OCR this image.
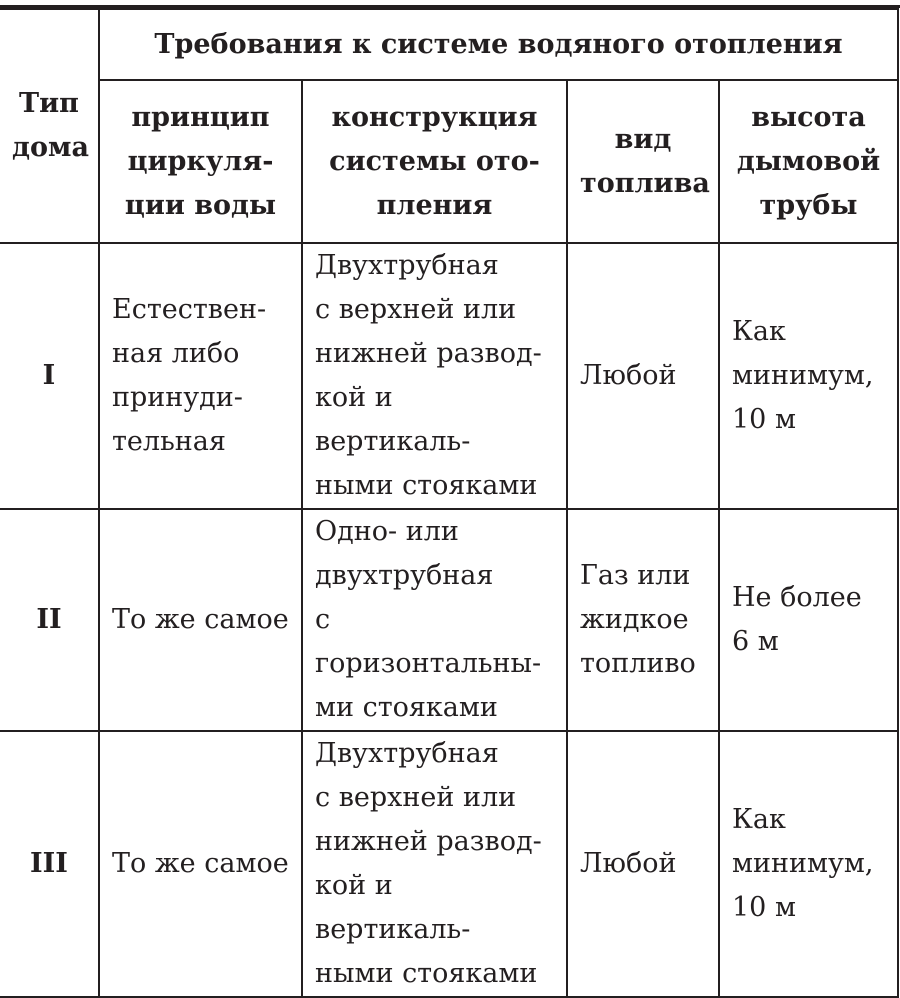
Тип
дома	Требования к системе водяного отопления			
	принцип
циркуля-
ции воды	конструкция
системы ото-
пления	вид
топлива	высота
дымовой
трубы
I	Естествен-
ная либо
принуди-
тельная	Двухтрубная
с верхней или
нижней развод-
кой и вертикаль-
ными стояками	Любой	Как
минимум,
10 м
II	То же самое	Одно- или
двухтрубная
с горизонтальны-
ми стояками	Газ или
жидкое
топливо	Не более
6 м
III	То же самое	Двухтрубная
с верхней или
нижней развод-
кой и вертикаль-
ными стояками	Любой	Как
минимум,
10 м
